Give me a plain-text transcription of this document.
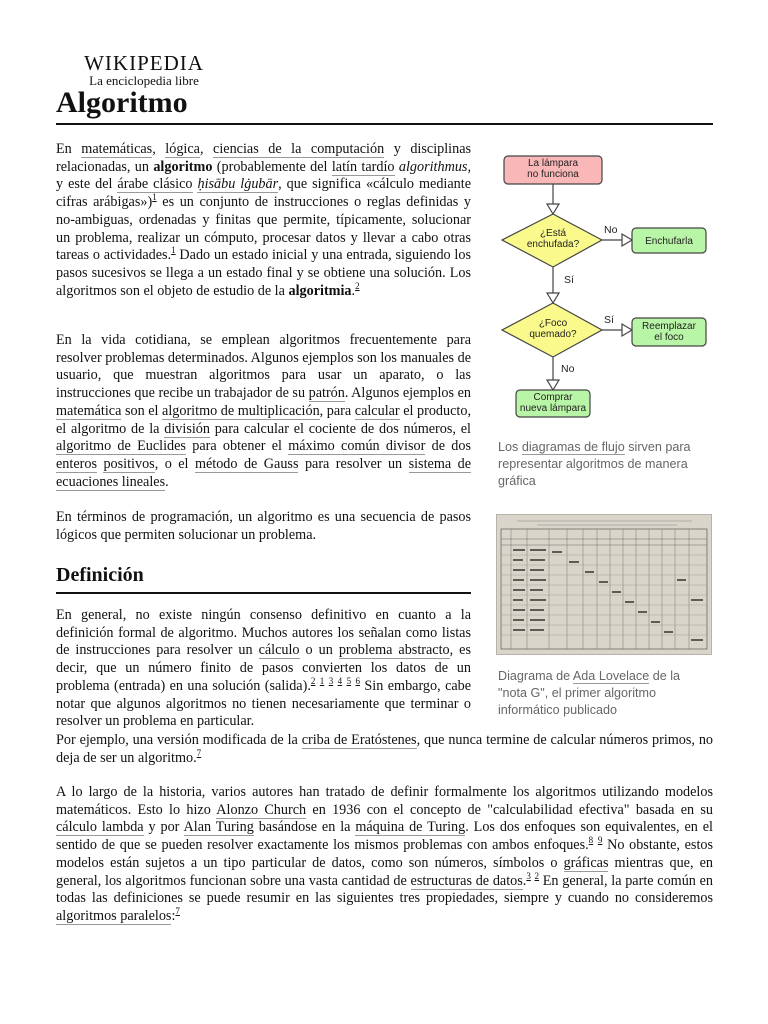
WIKIPEDIA
La enciclopedia libre
Algoritmo

En matemáticas, lógica, ciencias de la computación y disciplinas relacionadas, un algoritmo (probablemente del latín tardío algorithmus, y este del árabe clásico ḥisābu lġubār, que significa «cálculo mediante cifras arábigas»)$^1$ es un conjunto de instrucciones o reglas definidas y no-ambiguas, ordenadas y finitas que permite, típicamente, solucionar un problema, realizar un cómputo, procesar datos y llevar a cabo otras tareas o actividades.$^1$ Dado un estado inicial y una entrada, siguiendo los pasos sucesivos se llega a un estado final y se obtiene una solución. Los algoritmos son el objeto de estudio de la algoritmia.$^2$

En la vida cotidiana, se emplean algoritmos frecuentemente para resolver problemas determinados. Algunos ejemplos son los manuales de usuario, que muestran algoritmos para usar un aparato, o las instrucciones que recibe un trabajador de su patrón. Algunos ejemplos en matemática son el algoritmo de multiplicación, para calcular el producto, el algoritmo de la división para calcular el cociente de dos números, el algoritmo de Euclides para obtener el máximo común divisor de dos enteros positivos, o el método de Gauss para resolver un sistema de ecuaciones lineales.

En términos de programación, un algoritmo es una secuencia de pasos lógicos que permiten solucionar un problema.

Definición

En general, no existe ningún consenso definitivo en cuanto a la definición formal de algoritmo. Muchos autores los señalan como listas de instrucciones para resolver un cálculo o un problema abstracto, es decir, que un número finito de pasos convierten los datos de un problema (entrada) en una solución (salida).$^2$ $^1$ $^3$ $^4$ $^5$ $^6$ Sin embargo, cabe notar que algunos algoritmos no tienen necesariamente que terminar o resolver un problema en particular.

Por ejemplo, una versión modificada de la criba de Eratóstenes, que nunca termine de calcular números primos, no deja de ser un algoritmo.$^7$

A lo largo de la historia, varios autores han tratado de definir formalmente los algoritmos utilizando modelos matemáticos. Esto lo hizo Alonzo Church en 1936 con el concepto de "calculabilidad efectiva" basada en su cálculo lambda y por Alan Turing basándose en la máquina de Turing. Los dos enfoques son equivalentes, en el sentido de que se pueden resolver exactamente los mismos problemas con ambos enfoques.$^8$ $^9$ No obstante, estos modelos están sujetos a un tipo particular de datos, como son números, símbolos o gráficas mientras que, en general, los algoritmos funcionan sobre una vasta cantidad de estructuras de datos.$^3$ $^2$ En general, la parte común en todas las definiciones se puede resumir en las siguientes tres propiedades, siempre y cuando no consideremos algoritmos paralelos:$^7$

La lámpara no funciona
¿Está enchufada?
No
Enchufarla
Sí
¿Foco quemado?
Sí
Reemplazar el foco
No
Comprar nueva lámpara

Los diagramas de flujo sirven para representar algoritmos de manera gráfica

Diagrama de Ada Lovelace de la "nota G", el primer algoritmo informático publicado
